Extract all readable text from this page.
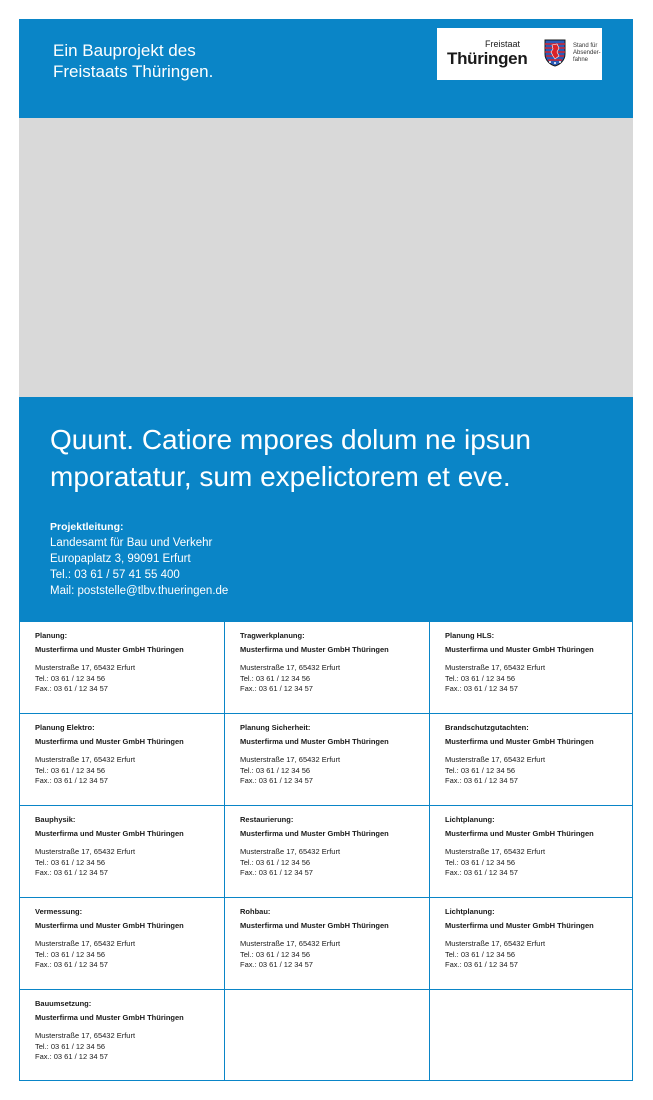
Ein Bauprojekt des
Freistaats Thüringen.
Freistaat
Thüringen
Stand für
Absender-
fahne
Quunt. Catiore mpores dolum ne ipsun
mporatatur, sum expelictorem et eve.
Projektleitung:
Landesamt für Bau und Verkehr
Europaplatz 3, 99091 Erfurt
Tel.: 03 61 / 57 41 55 400
Mail: poststelle@tlbv.thueringen.de
Planung:
Musterfirma und Muster GmbH Thüringen
Musterstraße 17, 65432 Erfurt
Tel.: 03 61 / 12 34 56
Fax.: 03 61 / 12 34 57
Tragwerkplanung:
Musterfirma und Muster GmbH Thüringen
Musterstraße 17, 65432 Erfurt
Tel.: 03 61 / 12 34 56
Fax.: 03 61 / 12 34 57
Planung HLS:
Musterfirma und Muster GmbH Thüringen
Musterstraße 17, 65432 Erfurt
Tel.: 03 61 / 12 34 56
Fax.: 03 61 / 12 34 57
Planung Elektro:
Musterfirma und Muster GmbH Thüringen
Musterstraße 17, 65432 Erfurt
Tel.: 03 61 / 12 34 56
Fax.: 03 61 / 12 34 57
Planung Sicherheit:
Musterfirma und Muster GmbH Thüringen
Musterstraße 17, 65432 Erfurt
Tel.: 03 61 / 12 34 56
Fax.: 03 61 / 12 34 57
Brandschutzgutachten:
Musterfirma und Muster GmbH Thüringen
Musterstraße 17, 65432 Erfurt
Tel.: 03 61 / 12 34 56
Fax.: 03 61 / 12 34 57
Bauphysik:
Musterfirma und Muster GmbH Thüringen
Musterstraße 17, 65432 Erfurt
Tel.: 03 61 / 12 34 56
Fax.: 03 61 / 12 34 57
Restaurierung:
Musterfirma und Muster GmbH Thüringen
Musterstraße 17, 65432 Erfurt
Tel.: 03 61 / 12 34 56
Fax.: 03 61 / 12 34 57
Lichtplanung:
Musterfirma und Muster GmbH Thüringen
Musterstraße 17, 65432 Erfurt
Tel.: 03 61 / 12 34 56
Fax.: 03 61 / 12 34 57
Vermessung:
Musterfirma und Muster GmbH Thüringen
Musterstraße 17, 65432 Erfurt
Tel.: 03 61 / 12 34 56
Fax.: 03 61 / 12 34 57
Rohbau:
Musterfirma und Muster GmbH Thüringen
Musterstraße 17, 65432 Erfurt
Tel.: 03 61 / 12 34 56
Fax.: 03 61 / 12 34 57
Lichtplanung:
Musterfirma und Muster GmbH Thüringen
Musterstraße 17, 65432 Erfurt
Tel.: 03 61 / 12 34 56
Fax.: 03 61 / 12 34 57
Bauumsetzung:
Musterfirma und Muster GmbH Thüringen
Musterstraße 17, 65432 Erfurt
Tel.: 03 61 / 12 34 56
Fax.: 03 61 / 12 34 57
